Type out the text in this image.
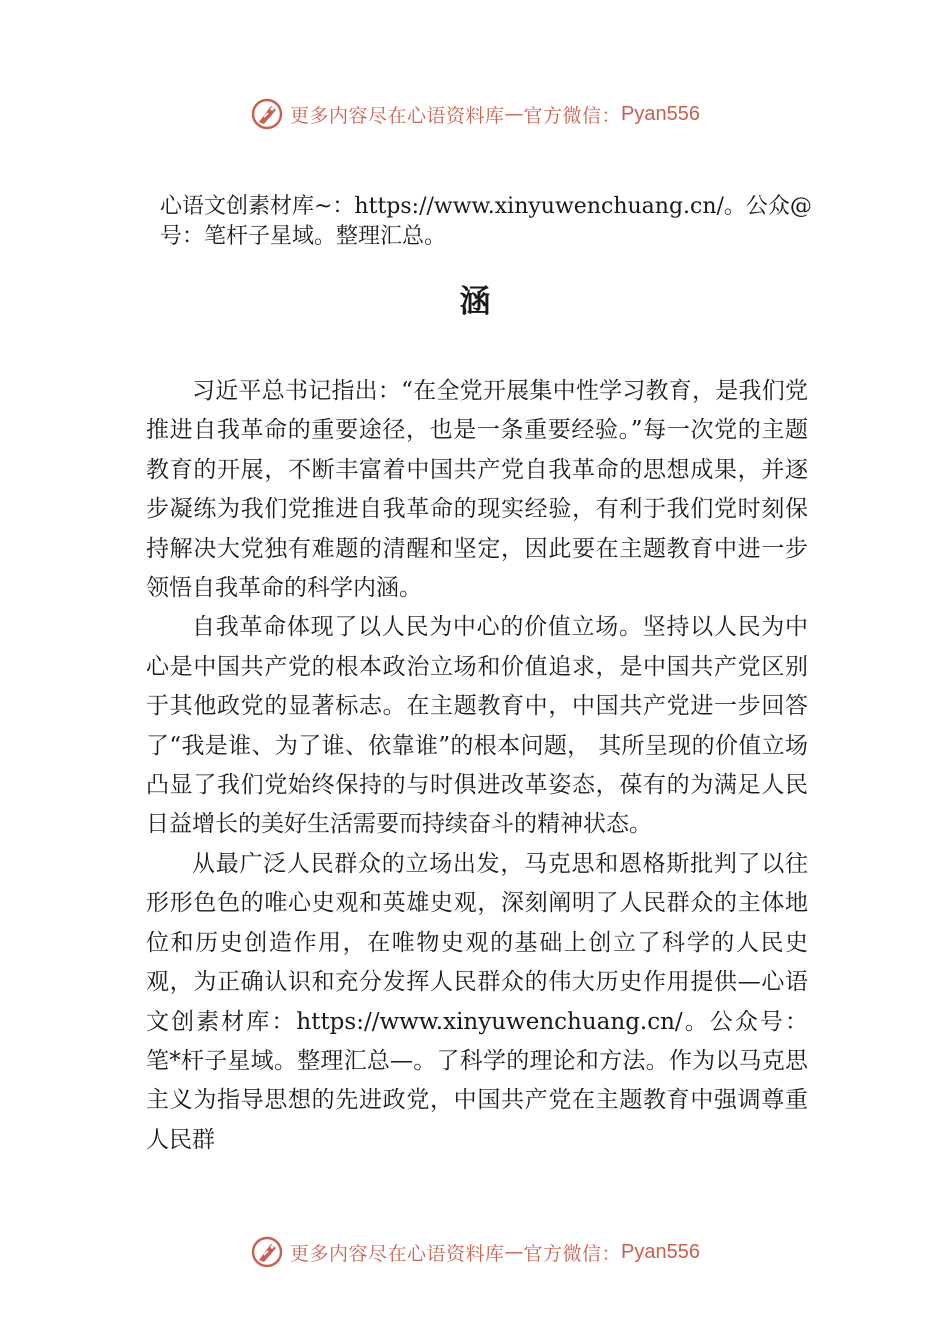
更多内容尽在心语资料库 — 官方微信： Pyan556
心语文创素材库~：https://www.xinyuwenchuang.cn/。公众@号：笔杆子星域。整理汇总。
涵

习近平总书记指出：“在全党开展集中性学习教育，是我们党推进自我革命的重要途径，也是一条重要经验。”每一次党的主题教育的开展，不断丰富着中国共产党自我革命的思想成果，并逐步凝练为我们党推进自我革命的现实经验，有利于我们党时刻保持解决大党独有难题的清醒和坚定，因此要在主题教育中进一步领悟自我革命的科学内涵。

自我革命体现了以人民为中心的价值立场。坚持以人民为中心是中国共产党的根本政治立场和价值追求，是中国共产党区别于其他政党的显著标志。在主题教育中，中国共产党进一步回答了“我是谁、为了谁、依靠谁”的根本问题， 其所呈现的价值立场凸显了我们党始终保持的与时俱进改革姿态，葆有的为满足人民日益增长的美好生活需要而持续奋斗的精神状态。

从最广泛人民群众的立场出发，马克思和恩格斯批判了以往形形色色的唯心史观和英雄史观，深刻阐明了人民群众的主体地位和历史创造作用，在唯物史观的基础上创立了科学的人民史观，为正确认识和充分发挥人民群众的伟大历史作用提供—心语文创素材库：https://www.xinyuwenchuang.cn/。公众号：笔*杆子星域。整理汇总—。了科学的理论和方法。作为以马克思主义为指导思想的先进政党，中国共产党在主题教育中强调尊重人民群

更多内容尽在心语资料库 — 官方微信： Pyan556
